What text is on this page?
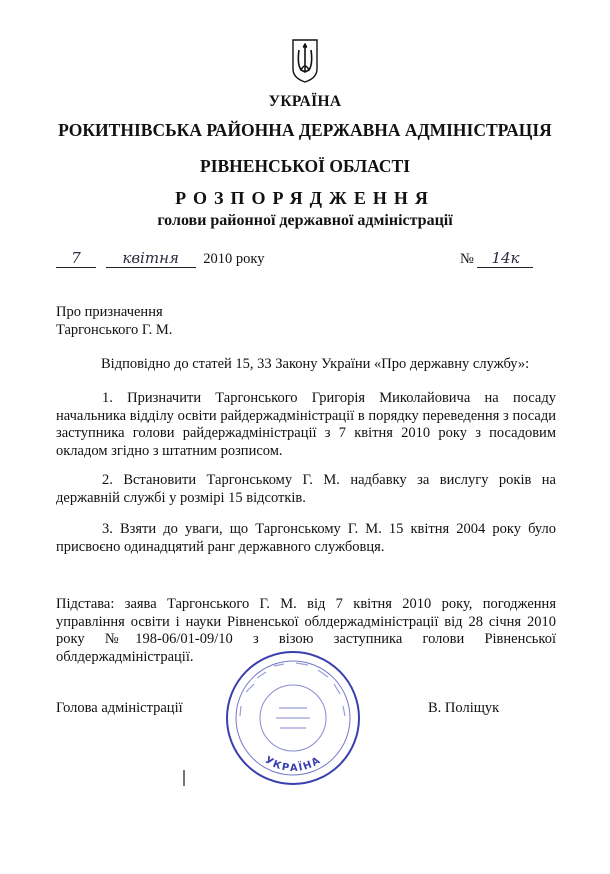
УКРАЇНА
РОКИТНІВСЬКА РАЙОННА ДЕРЖАВНА АДМІНІСТРАЦІЯ
РІВНЕНСЬКОЇ ОБЛАСТІ
РОЗПОРЯДЖЕННЯ
голови районної державної адміністрації
7	квітня 2010 року	№ 14к
Про призначення
Таргонського Г. М.
Відповідно до статей 15, 33 Закону України «Про державну службу»:

1. Призначити Таргонського Григорія Миколайовича на посаду начальника відділу освіти райдержадміністрації в порядку переведення з посади заступника голови райдержадміністрації з 7 квітня 2010 року з посадовим окладом згідно з штатним розписом.

2. Встановити Таргонському Г. М. надбавку за вислугу років на державній службі у розмірі 15 відсотків.

3. Взяти до уваги, що Таргонському Г. М. 15 квітня 2004 року було присвоєно одинадцятий ранг державного службовця.

Підстава: заява Таргонського Г. М. від 7 квітня 2010 року, погодження управління освіти і науки Рівненської облдержадміністрації від 28 січня 2010 року №198-06/01-09/10 з візою заступника голови Рівненської облдержадміністрації.

Голова адміністрації	В. Поліщук
УКРАЇНА
